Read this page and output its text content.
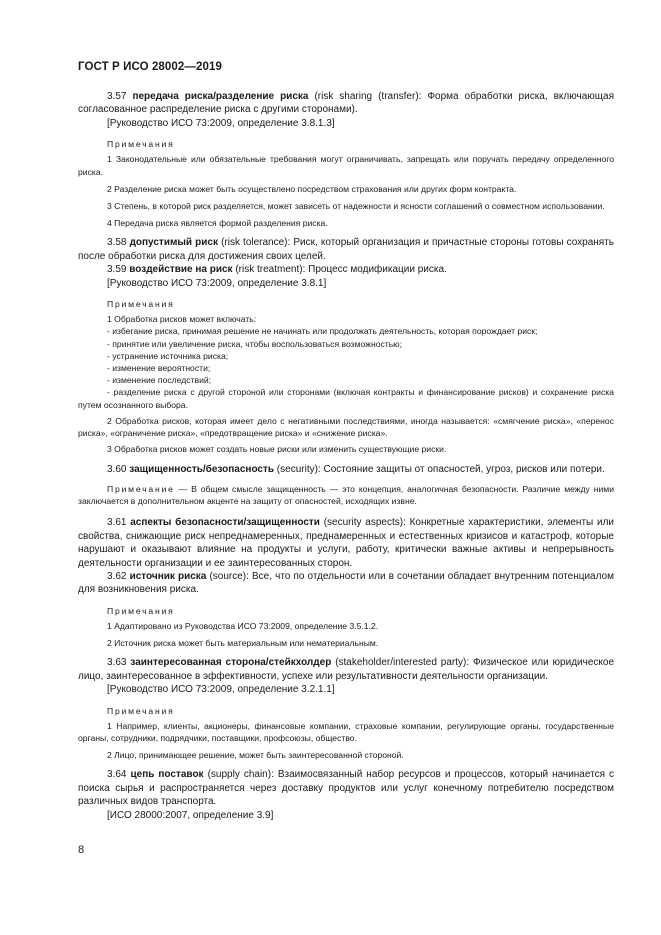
ГОСТ Р ИСО 28002—2019

3.57 передача риска/разделение риска (risk sharing (transfer): Форма обработки риска, включающая согласованное распределение риска с другими сторонами).

[Руководство ИСО 73:2009, определение 3.8.1.3]

Примечания

1 Законодательные или обязательные требования могут ограничивать, запрещать или поручать передачу определенного риска.

2 Разделение риска может быть осуществлено посредством страхования или других форм контракта.

3 Степень, в которой риск разделяется, может зависеть от надежности и ясности соглашений о совместном использовании.

4 Передача риска является формой разделения риска.

3.58 допустимый риск (risk tolerance): Риск, который организация и причастные стороны готовы сохранять после обработки риска для достижения своих целей.

3.59 воздействие на риск (risk treatment): Процесс модификации риска.

[Руководство ИСО 73:2009, определение 3.8.1]

Примечания

1 Обработка рисков может включать:

- избегание риска, принимая решение не начинать или продолжать деятельность, которая порождает риск;

- принятие или увеличение риска, чтобы воспользоваться возможностью;

- устранение источника риска;

- изменение вероятности;

- изменение последствий;

- разделение риска с другой стороной или сторонами (включая контракты и финансирование рисков) и сохранение риска путем осознанного выбора.

2 Обработка рисков, которая имеет дело с негативными последствиями, иногда называется: «смягчение риска», «перенос риска», «ограничение риска», «предотвращение риска» и «снижение риска».

3 Обработка рисков может создать новые риски или изменить существующие риски.

3.60 защищенность/безопасность (security): Состояние защиты от опасностей, угроз, рисков или потери.

Примечание — В общем смысле защищенность — это концепция, аналогичная безопасности. Различие между ними заключается в дополнительном акценте на защиту от опасностей, исходящих извне.

3.61 аспекты безопасности/защищенности (security aspects): Конкретные характеристики, элементы или свойства, снижающие риск непреднамеренных, преднамеренных и естественных кризисов и катастроф, которые нарушают и оказывают влияние на продукты и услуги, работу, критически важные активы и непрерывность деятельности организации и ее заинтересованных сторон.

3.62 источник риска (source): Все, что по отдельности или в сочетании обладает внутренним потенциалом для возникновения риска.

Примечания

1 Адаптировано из Руководства ИСО 73:2009, определение 3.5.1.2.

2 Источник риска может быть материальным или нематериальным.

3.63 заинтересованная сторона/стейкхолдер (stakeholder/interested party): Физическое или юридическое лицо, заинтересованное в эффективности, успехе или результативности деятельности организации.

[Руководство ИСО 73:2009, определение 3.2.1.1]

Примечания

1 Например, клиенты, акционеры, финансовые компании, страховые компании, регулирующие органы, государственные органы, сотрудники, подрядчики, поставщики, профсоюзы, общество.

2 Лицо, принимающее решение, может быть заинтересованной стороной.

3.64 цепь поставок (supply chain): Взаимосвязанный набор ресурсов и процессов, который начинается с поиска сырья и распространяется через доставку продуктов или услуг конечному потребителю посредством различных видов транспорта.

[ИСО 28000:2007, определение 3.9]

8
